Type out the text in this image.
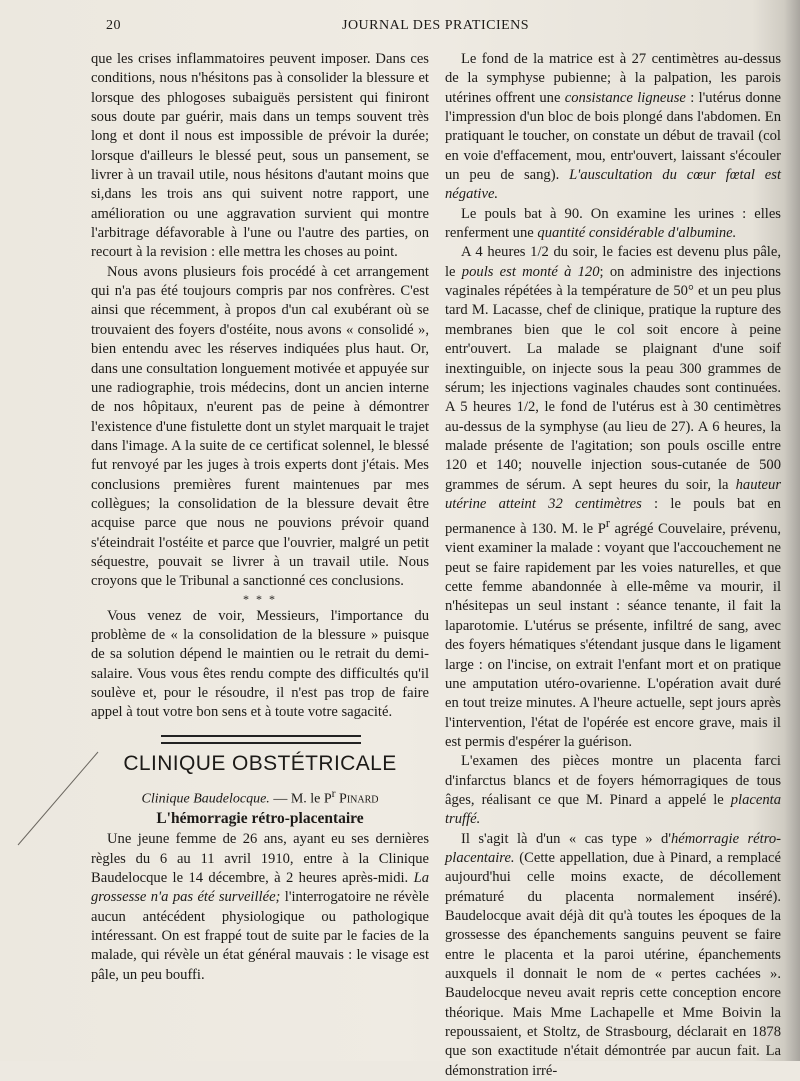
20	JOURNAL DES PRATICIENS

que les crises inflammatoires peuvent imposer. Dans ces conditions, nous n'hésitons pas à consolider la blessure et lorsque des phlogoses subaiguës persistent qui finiront sous doute par guérir, mais dans un temps souvent très long et dont il nous est impossible de prévoir la durée; lorsque d'ailleurs le blessé peut, sous un pansement, se livrer à un travail utile, nous hésitons d'autant moins que si,dans les trois ans qui suivent notre rapport, une amélioration ou une aggravation survient qui montre l'arbitrage défavorable à l'une ou l'autre des parties, on recourt à la revision : elle mettra les choses au point.

Nous avons plusieurs fois procédé à cet arrangement qui n'a pas été toujours compris par nos confrères. C'est ainsi que récemment, à propos d'un cal exubérant où se trouvaient des foyers d'ostéite, nous avons « consolidé », bien entendu avec les réserves indiquées plus haut. Or, dans une consultation longuement motivée et appuyée sur une radiographie, trois médecins, dont un ancien interne de nos hôpitaux, n'eurent pas de peine à démontrer l'existence d'une fistulette dont un stylet marquait le trajet dans l'image. A la suite de ce certificat solennel, le blessé fut renvoyé par les juges à trois experts dont j'étais. Mes conclusions premières furent maintenues par mes collègues; la consolidation de la blessure devait être acquise parce que nous ne pouvions prévoir quand s'éteindrait l'ostéite et parce que l'ouvrier, malgré un petit séquestre, pouvait se livrer à un travail utile. Nous croyons que le Tribunal a sanctionné ces conclusions.

* * *

Vous venez de voir, Messieurs, l'importance du problème de « la consolidation de la blessure » puisque de sa solution dépend le maintien ou le retrait du demi-salaire. Vous vous êtes rendu compte des difficultés qu'il soulève et, pour le résoudre, il n'est pas trop de faire appel à tout votre bon sens et à toute votre sagacité.

CLINIQUE OBSTÉTRICALE
Clinique Baudelocque. — M. le $P^r$ Pinard
L'hémorragie rétro-placentaire

Une jeune femme de 26 ans, ayant eu ses dernières règles du 6 au 11 avril 1910, entre à la Clinique Baudelocque le 14 décembre, à 2 heures après-midi. La grossesse n'a pas été surveillée; l'interrogatoire ne révèle aucun antécédent physiologique ou pathologique intéressant. On est frappé tout de suite par le facies de la malade, qui révèle un état général mauvais : le visage est pâle, un peu bouffi.

Le fond de la matrice est à 27 centimètres au-dessus de la symphyse pubienne; à la palpation, les parois utérines offrent une consistance ligneuse : l'utérus donne l'impression d'un bloc de bois plongé dans l'abdomen. En pratiquant le toucher, on constate un début de travail (col en voie d'effacement, mou, entr'ouvert, laissant s'écouler un peu de sang). L'auscultation du cœur fœtal est négative.

Le pouls bat à 90. On examine les urines : elles renferment une quantité considérable d'albumine.

A 4 heures 1/2 du soir, le facies est devenu plus pâle, le pouls est monté à 120; on administre des injections vaginales répétées à la température de 50° et un peu plus tard M. Lacasse, chef de clinique, pratique la rupture des membranes bien que le col soit encore à peine entr'ouvert. La malade se plaignant d'une soif inextinguible, on injecte sous la peau 300 grammes de sérum; les injections vaginales chaudes sont continuées. A 5 heures 1/2, le fond de l'utérus est à 30 centimètres au-dessus de la symphyse (au lieu de 27). A 6 heures, la malade présente de l'agitation; son pouls oscille entre 120 et 140; nouvelle injection sous-cutanée de 500 grammes de sérum. A sept heures du soir, la hauteur utérine atteint 32 centimètres : le pouls bat en permanence à 130. M. le $P^r$ agrégé Couvelaire, prévenu, vient examiner la malade : voyant que l'accouchement ne peut se faire rapidement par les voies naturelles, et que cette femme abandonnée à elle-même va mourir, il n'hésitepas un seul instant : séance tenante, il fait la laparotomie. L'utérus se présente, infiltré de sang, avec des foyers hématiques s'étendant jusque dans le ligament large : on l'incise, on extrait l'enfant mort et on pratique une amputation utéro-ovarienne. L'opération avait duré en tout treize minutes. A l'heure actuelle, sept jours après l'intervention, l'état de l'opérée est encore grave, mais il est permis d'espérer la guérison.

L'examen des pièces montre un placenta farci d'infarctus blancs et de foyers hémorragiques de tous âges, réalisant ce que M. Pinard a appelé le placenta truffé.

Il s'agit là d'un « cas type » d'hémorragie rétro-placentaire. (Cette appellation, due à Pinard, a remplacé aujourd'hui celle moins exacte, de décollement prématuré du placenta normalement inséré). Baudelocque avait déjà dit qu'à toutes les époques de la grossesse des épanchements sanguins peuvent se faire entre le placenta et la paroi utérine, épanchements auxquels il donnait le nom de « pertes cachées ». Baudelocque neveu avait repris cette conception encore théorique. Mais Mme Lachapelle et Mme Boivin la repoussaient, et Stoltz, de Strasbourg, déclarait en 1878 que son exactitude n'était démontrée par aucun fait. La démonstration irré-
